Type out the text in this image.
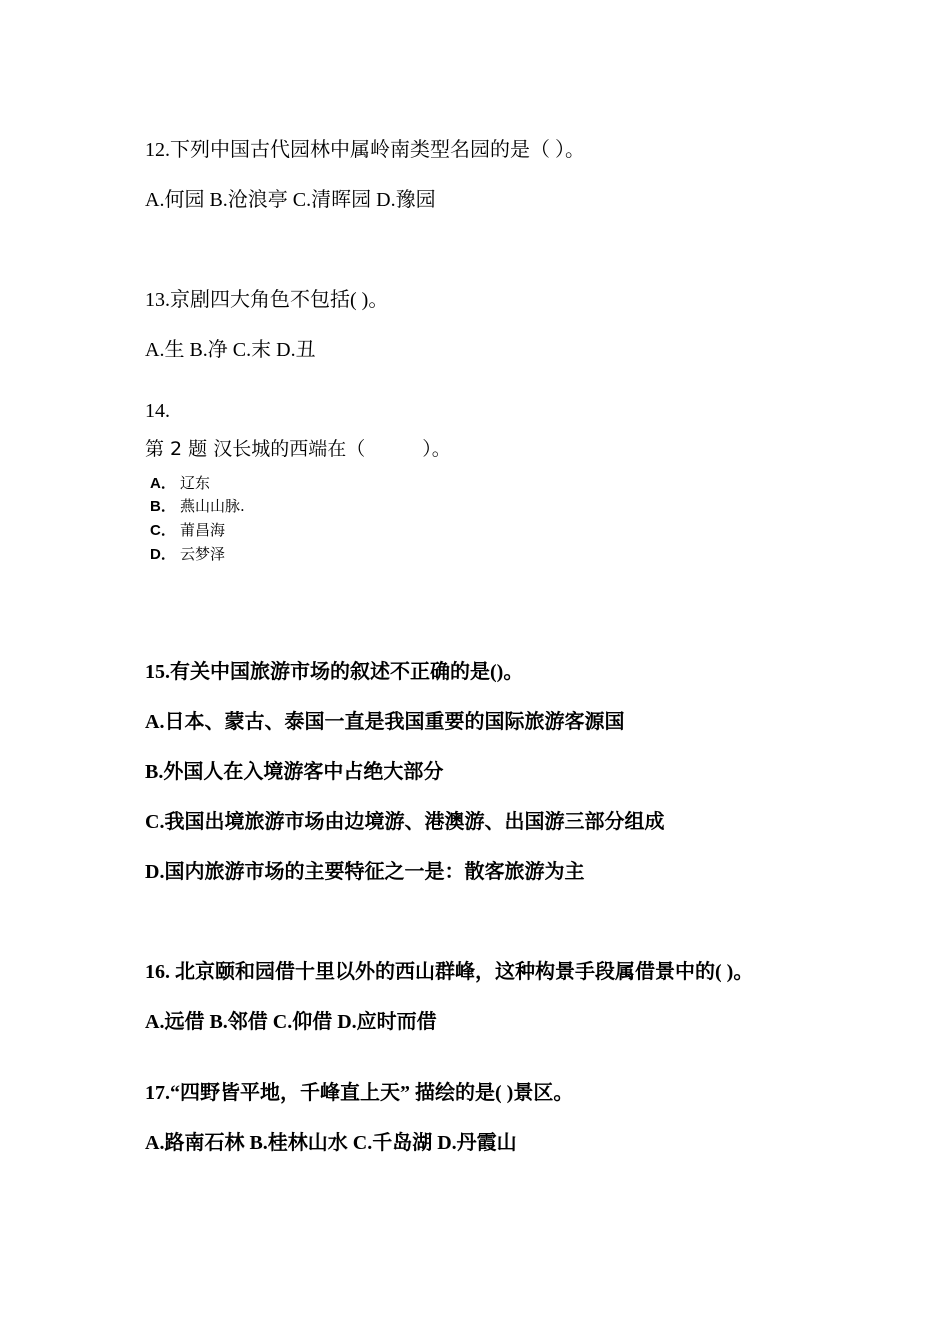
12.下列中国古代园林中属岭南类型名园的是（ ）。
A.何园 B.沧浪亭 C.清晖园 D.豫园
13.京剧四大角色不包括( )。
A.生 B.净 C.末 D.丑
14.
第 2 题 汉长城的西端在（　　　）。
A． 辽东
B． 燕山山脉.
C． 莆昌海
D． 云梦泽
15.有关中国旅游市场的叙述不正确的是()。
A.日本、蒙古、泰国一直是我国重要的国际旅游客源国
B.外国人在入境游客中占绝大部分
C.我国出境旅游市场由边境游、港澳游、出国游三部分组成
D.国内旅游市场的主要特征之一是：散客旅游为主
16. 北京颐和园借十里以外的西山群峰，这种构景手段属借景中的( )。
A.远借 B.邻借 C.仰借 D.应时而借
17.“四野皆平地，千峰直上天” 描绘的是( )景区。
A.路南石林 B.桂林山水 C.千岛湖 D.丹霞山
